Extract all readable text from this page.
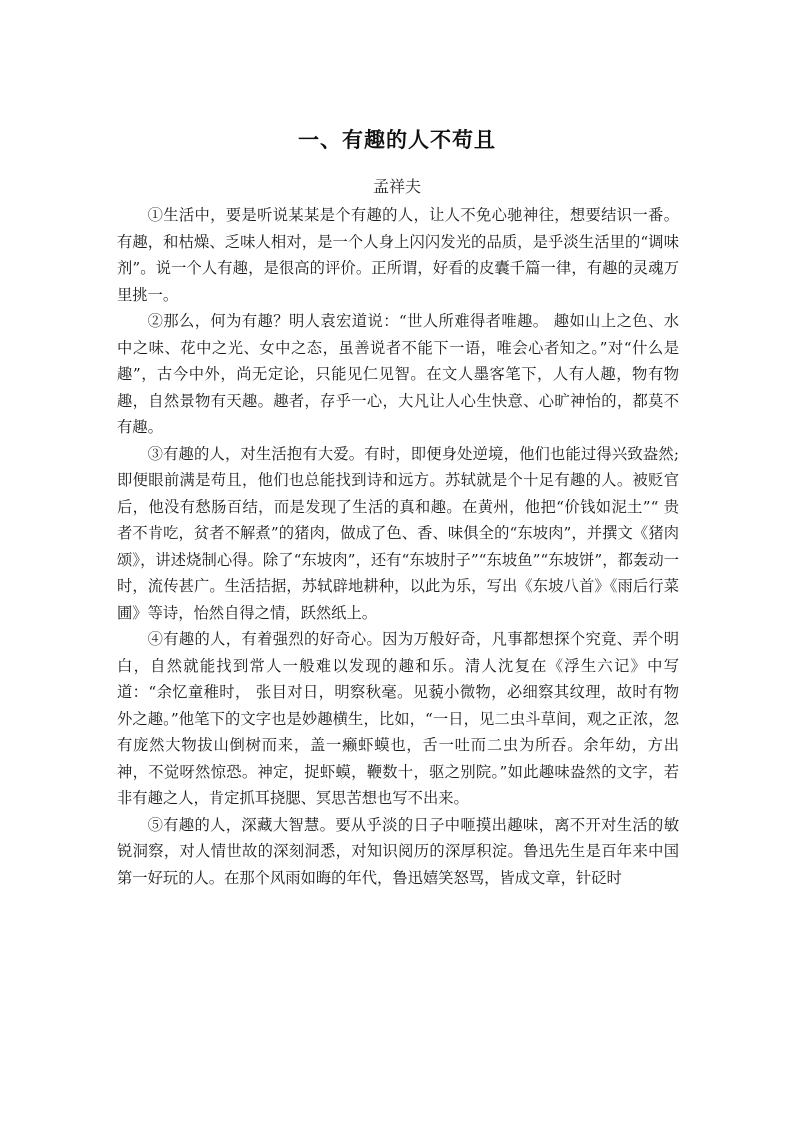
一、有趣的人不苟且

孟祥夫

①生活中，要是听说某某是个有趣的人，让人不免心驰神往，想要结识一番。有趣，和枯燥、乏味人相对，是一个人身上闪闪发光的品质，是乎淡生活里的“调味剂”。说一个人有趣，是很高的评价。正所谓，好看的皮囊千篇一律，有趣的灵魂万里挑一。

②那么，何为有趣？明人袁宏道说：“世人所难得者唯趣。 趣如山上之色、水中之味、花中之光、女中之态，虽善说者不能下一语，唯会心者知之。”对“什么是趣”，古今中外，尚无定论，只能见仁见智。在文人墨客笔下，人有人趣，物有物趣，自然景物有天趣。趣者，存乎一心，大凡让人心生快意、心旷神怡的，都莫不有趣。

③有趣的人，对生活抱有大爱。有时，即便身处逆境，他们也能过得兴致盎然;即便眼前满是苟且，他们也总能找到诗和远方。苏轼就是个十足有趣的人。被贬官后，他没有愁肠百结，而是发现了生活的真和趣。在黄州，他把“价钱如泥土”“ 贵者不肯吃，贫者不解煮”的猪肉，做成了色、香、味俱全的“东坡肉”，并撰文《猪肉颂》，讲述烧制心得。除了“东坡肉”，还有“东坡肘子”“东坡鱼”“东坡饼”，都轰动一时，流传甚广。生活拮据，苏轼辟地耕种，以此为乐，写出《东坡八首》《雨后行菜圃》等诗，怡然自得之情，跃然纸上。

④有趣的人，有着强烈的好奇心。因为万般好奇，凡事都想探个究竟、弄个明白，自然就能找到常人一般难以发现的趣和乐。清人沈复在《浮生六记》中写道：“余忆童稚时， 张目对日，明察秋毫。见藐小微物，必细察其纹理，故时有物外之趣。”他笔下的文字也是妙趣横生，比如，“一日，见二虫斗草间，观之正浓，忽有庞然大物拔山倒树而来，盖一癞虾蟆也，舌一吐而二虫为所吞。余年幼，方出神，不觉呀然惊恐。神定，捉虾蟆，鞭数十，驱之别院。”如此趣味盎然的文字，若非有趣之人，肯定抓耳挠腮、冥思苦想也写不出来。

⑤有趣的人，深藏大智慧。要从乎淡的日子中咂摸出趣味，离不开对生活的敏锐洞察，对人情世故的深刻洞悉，对知识阅历的深厚积淀。鲁迅先生是百年来中国第一好玩的人。在那个风雨如晦的年代，鲁迅嬉笑怒骂，皆成文章，针砭时
